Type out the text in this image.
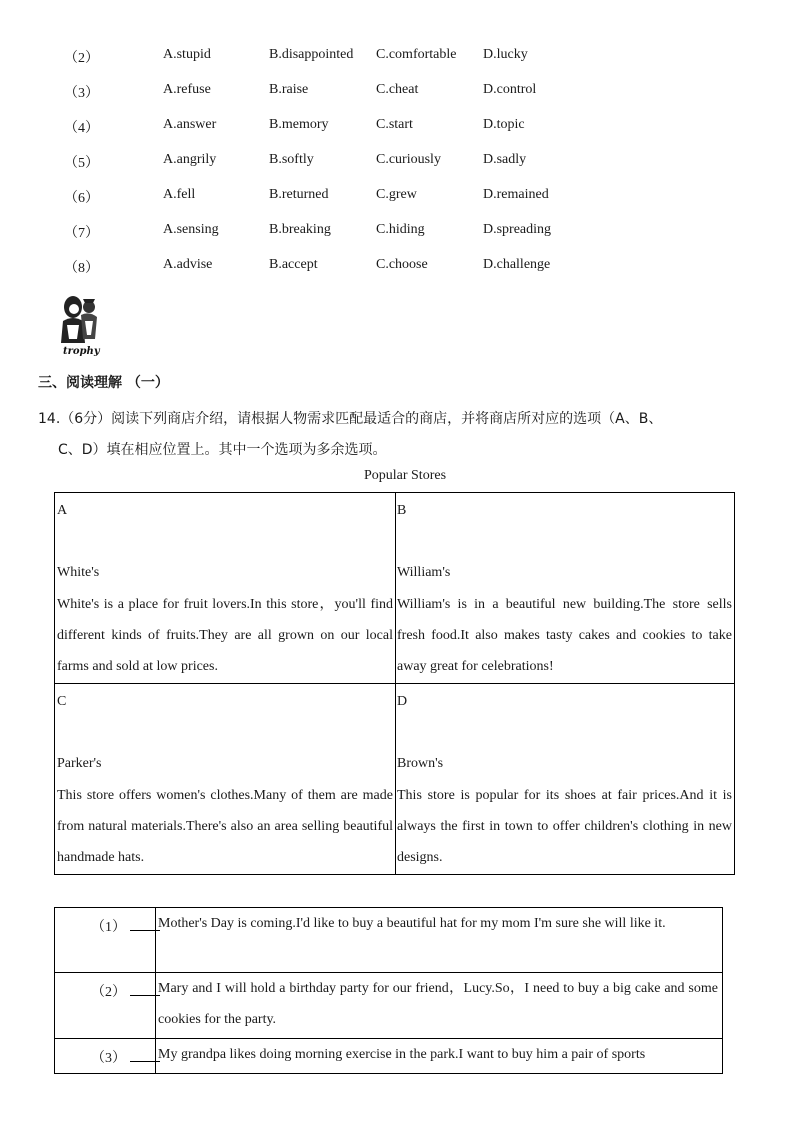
（2）	A.stupid	B.disappointed C.comfortable D.lucky
（3）	A.refuse	B.raise	C.cheat	D.control
（4）	A.answer	B.memory	C.start	D.topic
（5）	A.angrily	B.softly	C.curiously	D.sadly
（6）	A.fell	B.returned	C.grew	D.remained
（7）	A.sensing	B.breaking	C.hiding	D.spreading
（8）	A.advise	B.accept	C.choose	D.challenge
trophy
三、阅读理解 （一）
14.（6分）阅读下列商店介绍，请根据人物需求匹配最适合的商店，并将商店所对应的选项（A、B、
C、D）填在相应位置上。其中一个选项为多余选项。
Popular Stores
A
White's
White's is a place for fruit lovers.In this store，you'll find different kinds of fruits.They are all grown on our local farms and sold at low prices.
B
William's
William's is in a beautiful new building.The store sells fresh food.It also makes tasty cakes and cookies to take away great for celebrations!
C
Parker's
This store offers women's clothes.Many of them are made from natural materials.There's also an area selling beautiful handmade hats.
D
Brown's
This store is popular for its shoes at fair prices.And it is always the first in town to offer children's clothing in new designs.
（1）	Mother's Day is coming.I'd like to buy a beautiful hat for my mom I'm sure she will like it.
（2）	Mary and I will hold a birthday party for our friend，Lucy.So，I need to buy a big cake and some cookies for the party.
（3）	My grandpa likes doing morning exercise in the park.I want to buy him a pair of sports
